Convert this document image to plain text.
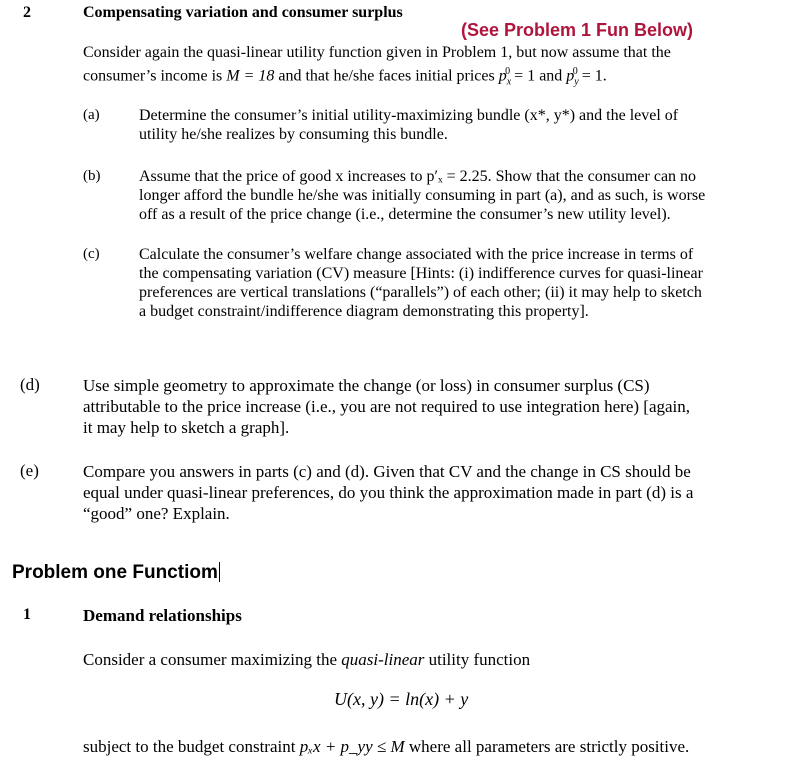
2	Compensating variation and consumer surplus
(See Problem 1 Fun Below)
Consider again the quasi-linear utility function given in Problem 1, but now assume that the
consumer’s income is M = 18 and that he/she faces initial prices $p_x^0 = 1$ and $p_y^0 = 1$.
(a) Determine the consumer’s initial utility-maximizing bundle (x*, y*) and the level of
utility he/she realizes by consuming this bundle.
(b) Assume that the price of good x increases to p′ₓ = 2.25. Show that the consumer can no
longer afford the bundle he/she was initially consuming in part (a), and as such, is worse
off as a result of the price change (i.e., determine the consumer’s new utility level).
(c) Calculate the consumer’s welfare change associated with the price increase in terms of
the compensating variation (CV) measure [Hints: (i) indifference curves for quasi-linear
preferences are vertical translations (“parallels”) of each other; (ii) it may help to sketch
a budget constraint/indifference diagram demonstrating this property].
(d)	Use simple geometry to approximate the change (or loss) in consumer surplus (CS)
attributable to the price increase (i.e., you are not required to use integration here) [again,
it may help to sketch a graph].
(e)	Compare you answers in parts (c) and (d). Given that CV and the change in CS should be
equal under quasi-linear preferences, do you think the approximation made in part (d) is a
“good” one? Explain.
Problem one Functiom
1	Demand relationships
Consider a consumer maximizing the quasi-linear utility function
U(x, y) = ln(x) + y
subject to the budget constraint pₓx + p_yy ≤ M where all parameters are strictly positive.
